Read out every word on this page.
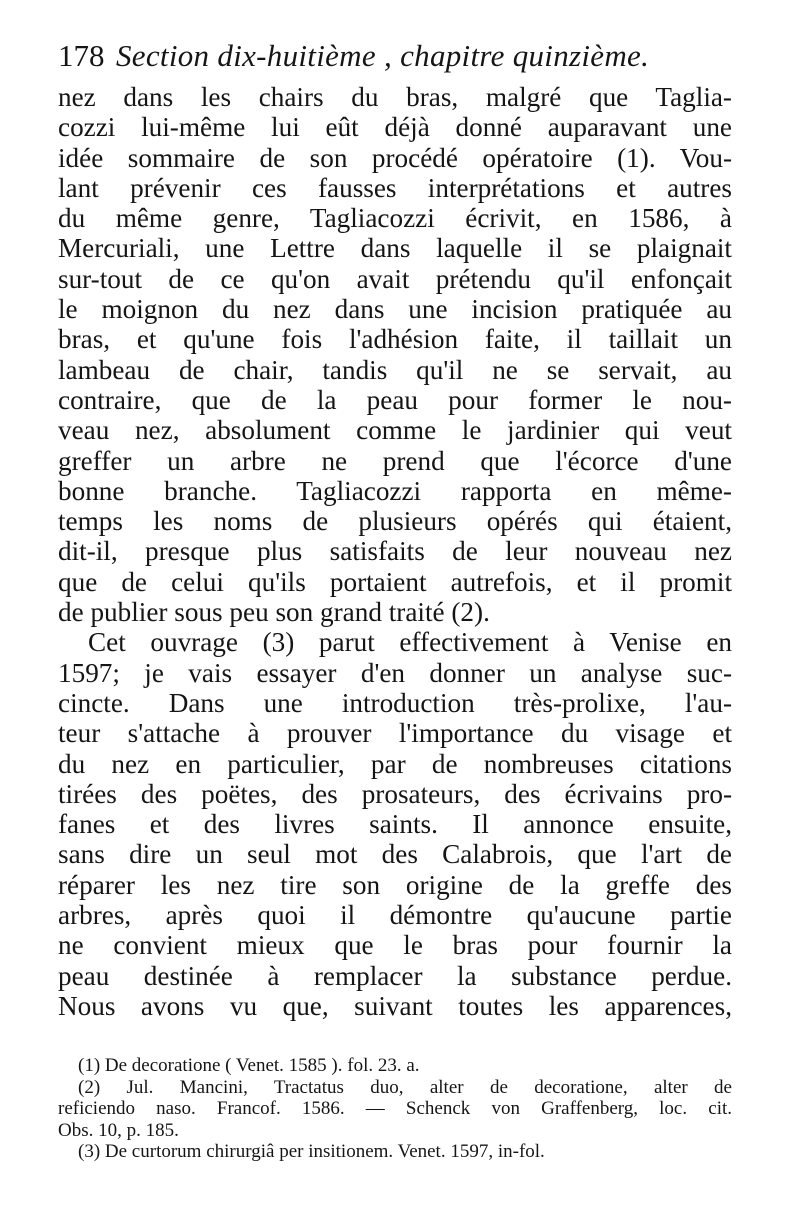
178 Section dix-huitième , chapitre quinzième.
nez dans les chairs du bras, malgré que Taglia-
cozzi lui-même lui eût déjà donné auparavant une
idée sommaire de son procédé opératoire (1). Vou-
lant prévenir ces fausses interprétations et autres
du même genre, Tagliacozzi écrivit, en 1586, à
Mercuriali, une Lettre dans laquelle il se plaignait
sur-tout de ce qu'on avait prétendu qu'il enfonçait
le moignon du nez dans une incision pratiquée au
bras, et qu'une fois l'adhésion faite, il taillait un
lambeau de chair, tandis qu'il ne se servait, au
contraire, que de la peau pour former le nou-
veau nez, absolument comme le jardinier qui veut
greffer un arbre ne prend que l'écorce d'une
bonne branche. Tagliacozzi rapporta en même-
temps les noms de plusieurs opérés qui étaient,
dit-il, presque plus satisfaits de leur nouveau nez
que de celui qu'ils portaient autrefois, et il promit
de publier sous peu son grand traité (2).
Cet ouvrage (3) parut effectivement à Venise en
1597; je vais essayer d'en donner un analyse suc-
cincte. Dans une introduction très-prolixe, l'au-
teur s'attache à prouver l'importance du visage et
du nez en particulier, par de nombreuses citations
tirées des poëtes, des prosateurs, des écrivains pro-
fanes et des livres saints. Il annonce ensuite,
sans dire un seul mot des Calabrois, que l'art de
réparer les nez tire son origine de la greffe des
arbres, après quoi il démontre qu'aucune partie
ne convient mieux que le bras pour fournir la
peau destinée à remplacer la substance perdue.
Nous avons vu que, suivant toutes les apparences,
(1) De decoratione ( Venet. 1585 ). fol. 23. a.
(2) Jul. Mancini, Tractatus duo, alter de decoratione, alter de
reficiendo naso. Francof. 1586. — Schenck von Graffenberg, loc. cit.
Obs. 10, p. 185.
(3) De curtorum chirurgiâ per insitionem. Venet. 1597, in-fol.
